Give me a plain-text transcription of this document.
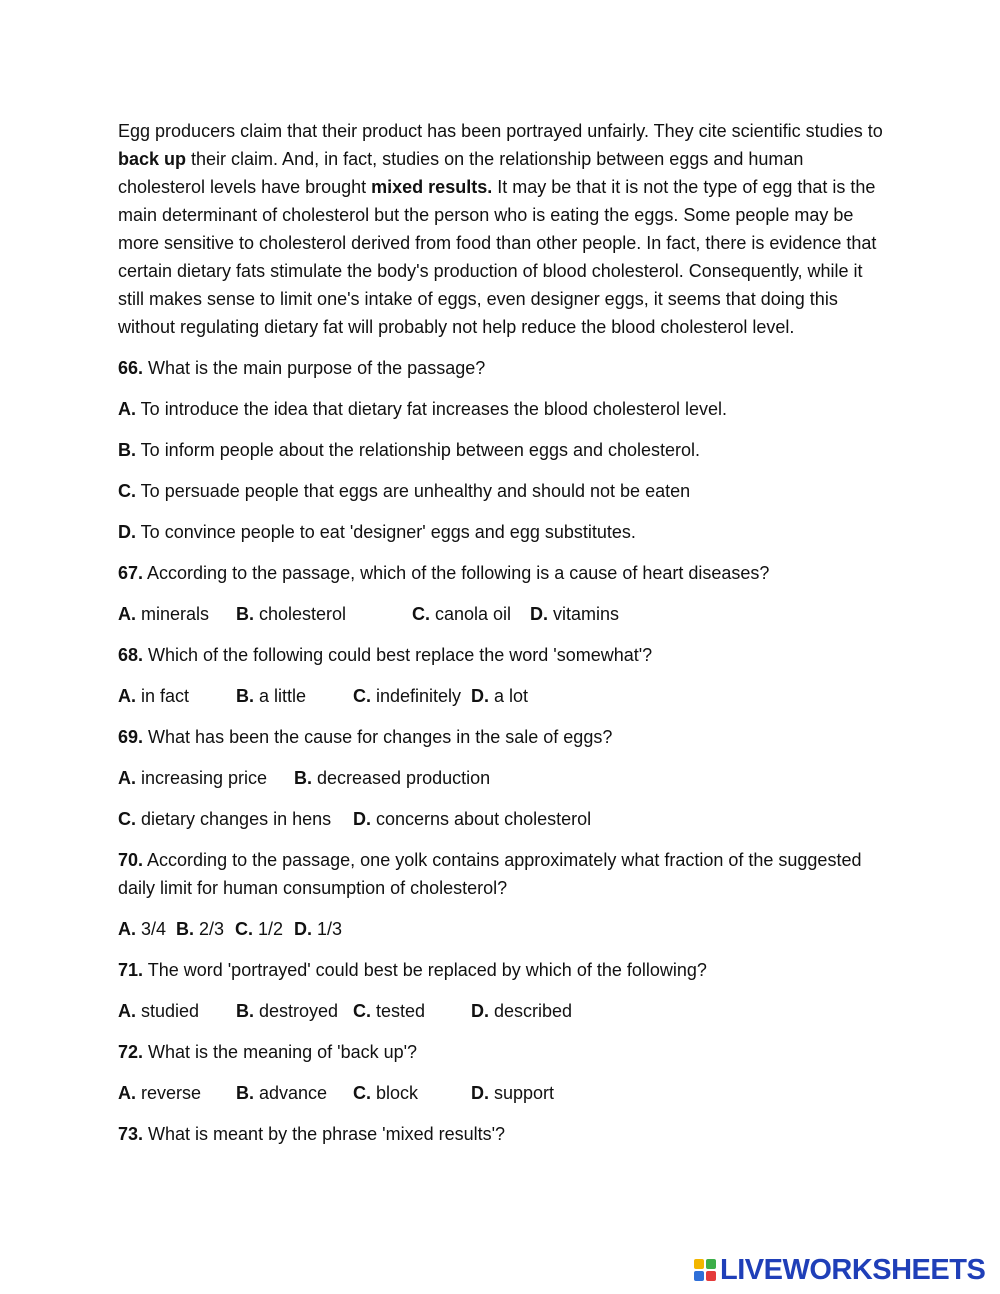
Egg producers claim that their product has been portrayed unfairly. They cite scientific studies to back up their claim. And, in fact, studies on the relationship between eggs and human cholesterol levels have brought mixed results. It may be that it is not the type of egg that is the main determinant of cholesterol but the person who is eating the eggs. Some people may be more sensitive to cholesterol derived from food than other people. In fact, there is evidence that certain dietary fats stimulate the body's production of blood cholesterol. Consequently, while it still makes sense to limit one's intake of eggs, even designer eggs, it seems that doing this without regulating dietary fat will probably not help reduce the blood cholesterol level.

66. What is the main purpose of the passage?
A. To introduce the idea that dietary fat increases the blood cholesterol level.
B. To inform people about the relationship between eggs and cholesterol.
C. To persuade people that eggs are unhealthy and should not be eaten
D. To convince people to eat 'designer' eggs and egg substitutes.
67. According to the passage, which of the following is a cause of heart diseases?
A. minerals B. cholesterol	C. canola oil D. vitamins
68. Which of the following could best replace the word 'somewhat'?
A. in fact	B. a little	C. indefinitely D. a lot
69. What has been the cause for changes in the sale of eggs?
A. increasing price B. decreased production
C. dietary changes in hens D. concerns about cholesterol
70. According to the passage, one yolk contains approximately what fraction of the suggested daily limit for human consumption of cholesterol?
A. 3/4 B. 2/3 C. 1/2 D. 1/3
71. The word 'portrayed' could best be replaced by which of the following?
A. studied B. destroyed C. tested	D. described
72. What is the meaning of 'back up'?
A. reverse B. advance C. block	D. support
73. What is meant by the phrase 'mixed results'?
LIVEWORKSHEETS
